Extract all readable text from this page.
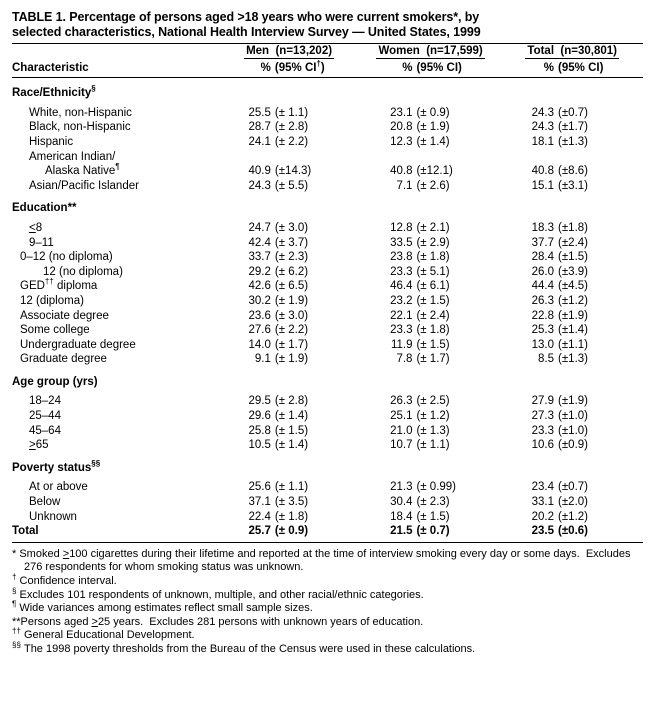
TABLE 1. Percentage of persons aged >18 years who were current smokers*, by
selected characteristics, National Health Interview Survey — United States, 1999
	Men (n=13,202)		Women (n=17,599)		Total (n=30,801)	
Characteristic	%	(95% CI†)	%	(95% CI)	%	(95% CI)

Race/Ethnicity§	

White, non-Hispanic	25.5	(± 1.1)	23.1	(± 0.9)	24.3	(±0.7)
Black, non-Hispanic	28.7	(± 2.8)	20.8	(± 1.9)	24.3	(±1.7)
Hispanic	24.1	(± 2.2)	12.3	(± 1.4)	18.1	(±1.3)
American Indian/						
Alaska Native¶	40.9	(±14.3)	40.8	(±12.1)	40.8	(±8.6)
Asian/Pacific Islander	24.3	(± 5.5)	7.1	(± 2.6)	15.1	(±3.1)

Education**						

<8	24.7	(± 3.0)	12.8	(± 2.1)	18.3	(±1.8)
9–11	42.4	(± 3.7)	33.5	(± 2.9)	37.7	(±2.4)
0–12 (no diploma)	33.7	(± 2.3)	23.8	(± 1.8)	28.4	(±1.5)
12 (no diploma)	29.2	(± 6.2)	23.3	(± 5.1)	26.0	(±3.9)
GED†† diploma	42.6	(± 6.5)	46.4	(± 6.1)	44.4	(±4.5)
12 (diploma)	30.2	(± 1.9)	23.2	(± 1.5)	26.3	(±1.2)
Associate degree	23.6	(± 3.0)	22.1	(± 2.4)	22.8	(±1.9)
Some college	27.6	(± 2.2)	23.3	(± 1.8)	25.3	(±1.4)
Undergraduate degree	14.0	(± 1.7)	11.9	(± 1.5)	13.0	(±1.1)
Graduate degree	9.1	(± 1.9)	7.8	(± 1.7)	8.5	(±1.3)

Age group (yrs)						

18–24	29.5	(± 2.8)	26.3	(± 2.5)	27.9	(±1.9)
25–44	29.6	(± 1.4)	25.1	(± 1.2)	27.3	(±1.0)
45–64	25.8	(± 1.5)	21.0	(± 1.3)	23.3	(±1.0)
>65	10.5	(± 1.4)	10.7	(± 1.1)	10.6	(±0.9)

Poverty status§§	

At or above	25.6	(± 1.1)	21.3	(± 0.99)	23.4	(±0.7)
Below	37.1	(± 3.5)	30.4	(± 2.3)	33.1	(±2.0)
Unknown	22.4	(± 1.8)	18.4	(± 1.5)	20.2	(±1.2)
Total	25.7	(± 0.9)	21.5	(± 0.7)	23.5	(±0.6)
* Smoked >100 cigarettes during their lifetime and reported at the time of interview smoking every day or some days.  Excludes 276 respondents for whom smoking status was unknown.
† Confidence interval.
§ Excludes 101 respondents of unknown, multiple, and other racial/ethnic categories.
¶ Wide variances among estimates reflect small sample sizes.
**Persons aged >25 years.  Excludes 281 persons with unknown years of education.
†† General Educational Development.
§§ The 1998 poverty thresholds from the Bureau of the Census were used in these calculations.
